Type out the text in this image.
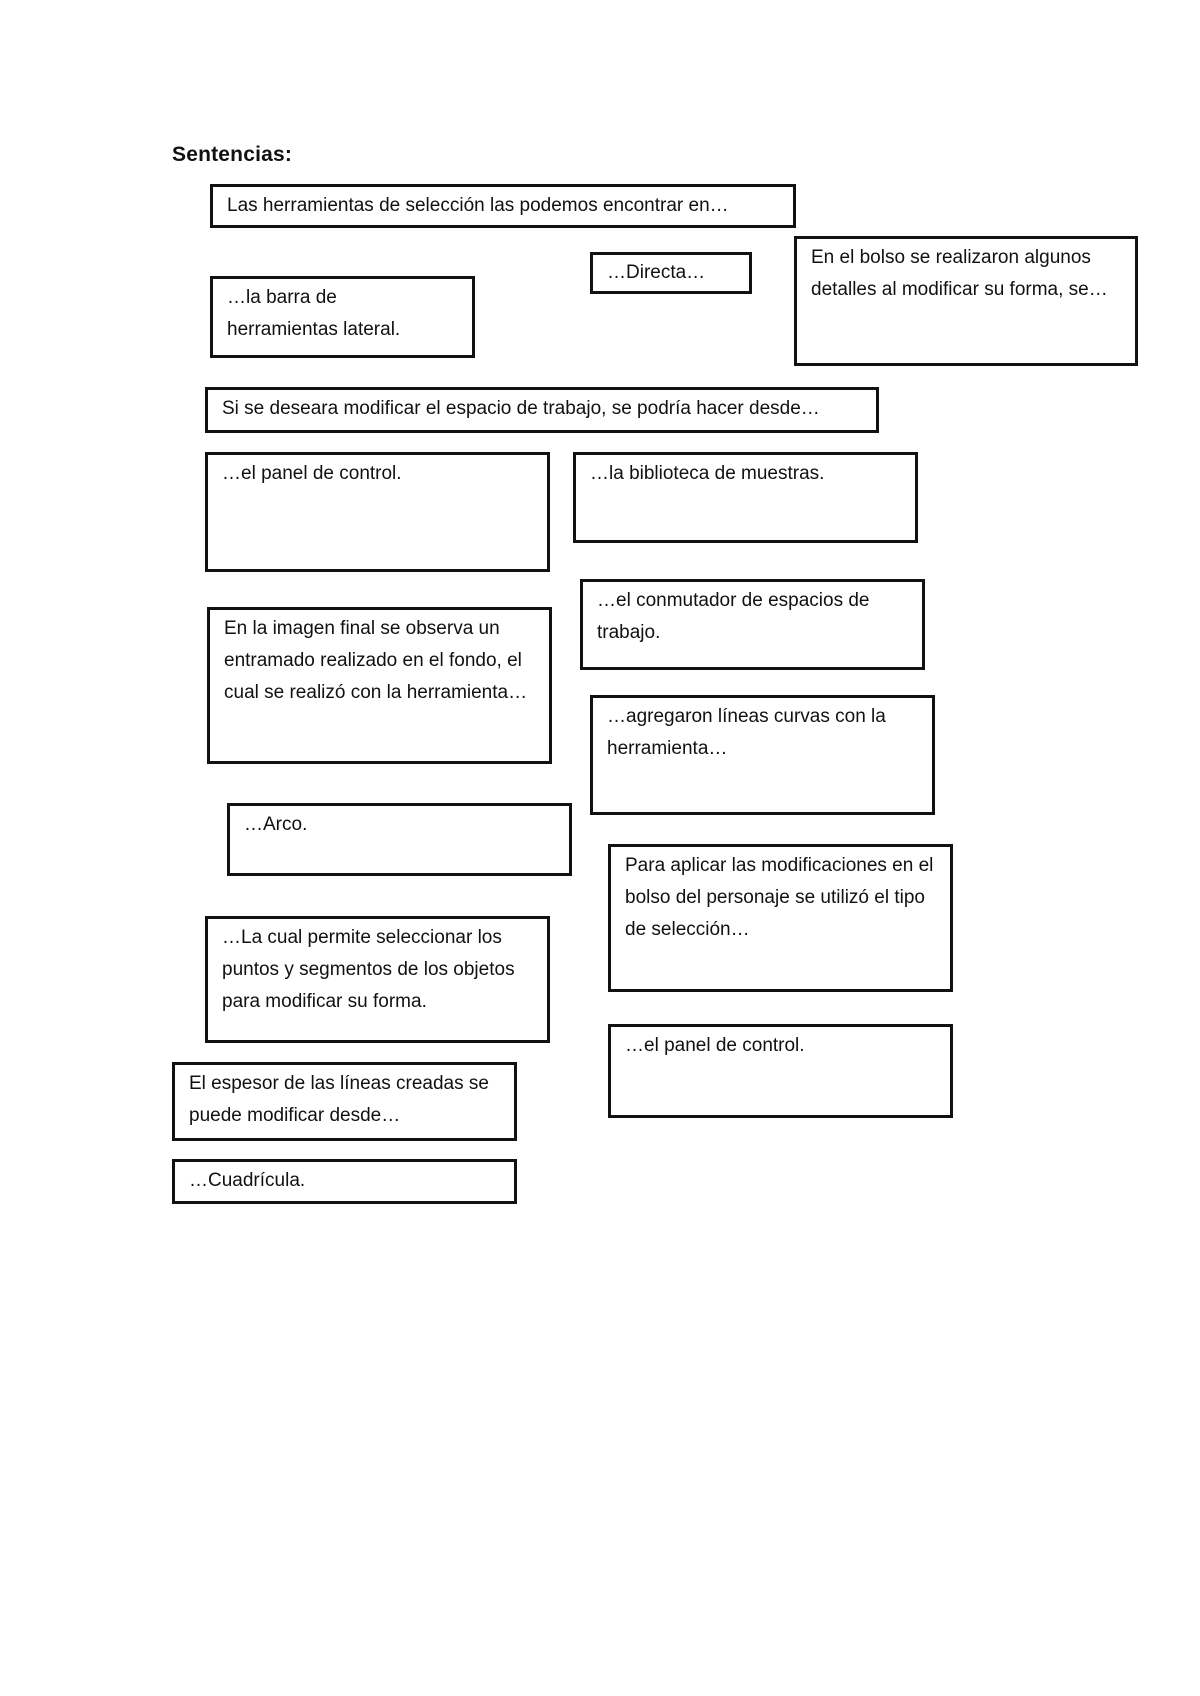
Sentencias:
Las herramientas de selección las podemos encontrar en…
…la barra de herramientas lateral.
…Directa…
En el bolso se realizaron algunos detalles al modificar su forma, se…
Si se deseara modificar el espacio de trabajo, se podría hacer desde…
…el panel de control.	…la biblioteca de muestras.
…el conmutador de espacios de trabajo.
En la imagen final se observa un entramado realizado en el fondo, el cual se realizó con la herramienta…
…agregaron líneas curvas con la herramienta…
…Arco.
Para aplicar las modificaciones en el bolso del personaje se utilizó el tipo de selección…
…La cual permite seleccionar los puntos y segmentos de los objetos para modificar su forma.
…el panel de control.
El espesor de las líneas creadas se puede modificar desde…
…Cuadrícula.
